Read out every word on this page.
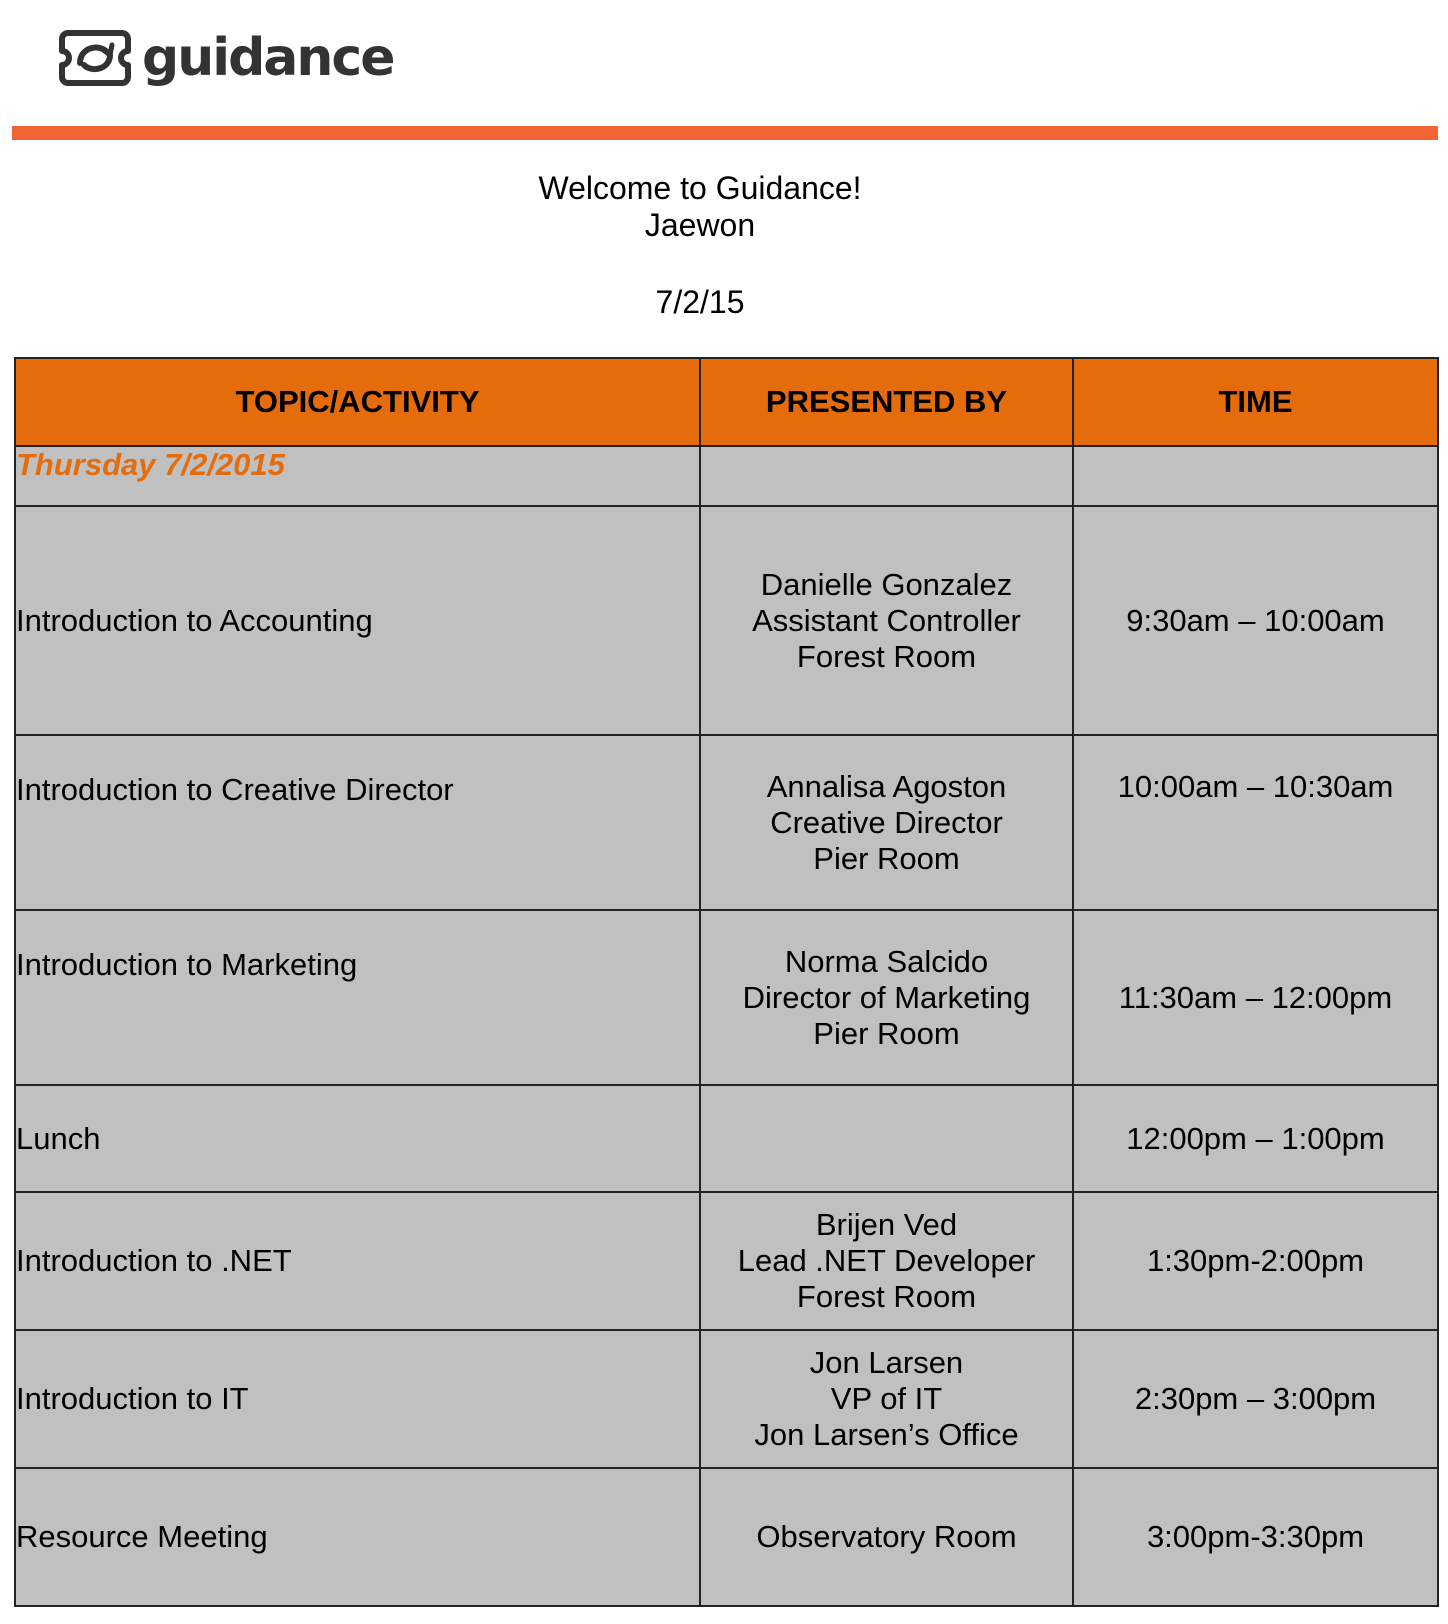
guidance
Welcome to Guidance!
Jaewon
7/2/15
TOPIC/ACTIVITY	PRESENTED BY	TIME
Thursday 7/2/2015		
Introduction to Accounting	Danielle Gonzalez
Assistant Controller
Forest Room	9:30am – 10:00am
Introduction to Creative Director	Annalisa Agoston
Creative Director
Pier Room	10:00am – 10:30am
Introduction to Marketing	Norma Salcido
Director of Marketing
Pier Room	11:30am – 12:00pm
Lunch		12:00pm – 1:00pm
Introduction to .NET	Brijen Ved
Lead .NET Developer
Forest Room	1:30pm-2:00pm
Introduction to IT	Jon Larsen
VP of IT
Jon Larsen’s Office	2:30pm – 3:00pm
Resource Meeting	Observatory Room	3:00pm-3:30pm
